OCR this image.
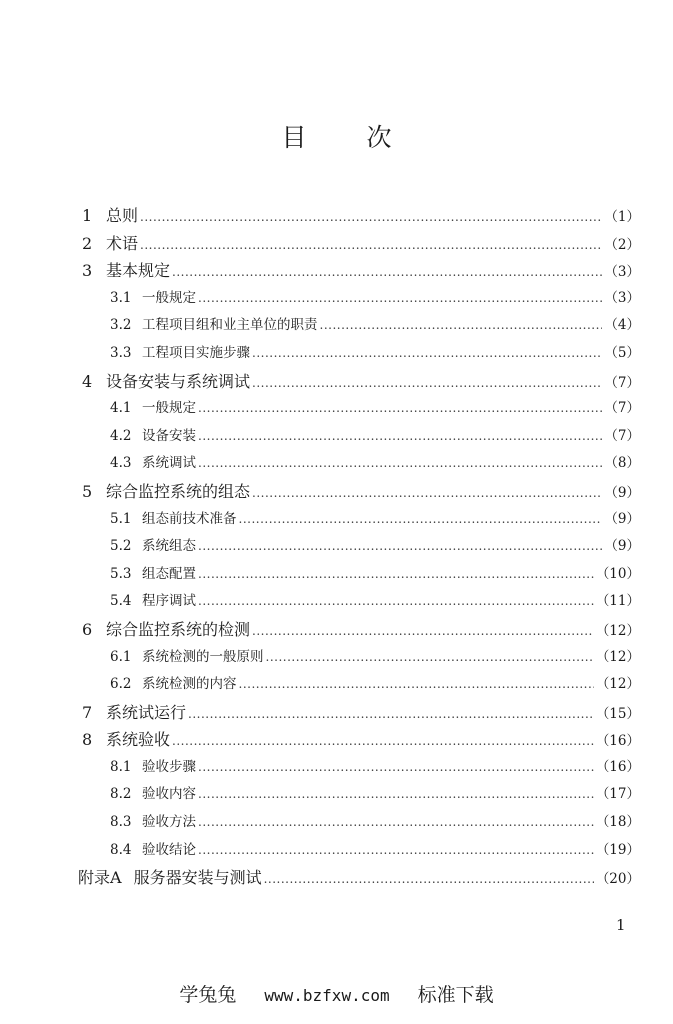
目 次
1 总则 .....	（1）
2 术语 .....	（2）
3 基本规定 .....	（3）
3.1 一般规定 .....	（3）
3.2 工程项目组和业主单位的职责 .....	（4）
3.3 工程项目实施步骤 .....	（5）
4 设备安装与系统调试 .....	（7）
4.1 一般规定 .....	（7）
4.2 设备安装 .....	（7）
4.3 系统调试 .....	（8）
5 综合监控系统的组态 .....	（9）
5.1 组态前技术准备 .....	（9）
5.2 系统组态 .....	（9）
5.3 组态配置 .....	（10）
5.4 程序调试 .....	（11）
6 综合监控系统的检测 .....	（12）
6.1 系统检测的一般原则 .....	（12）
6.2 系统检测的内容 .....	（12）
7 系统试运行 .....	（15）
8 系统验收 .....	（16）
8.1 验收步骤 .....	（16）
8.2 验收内容 .....	（17）
8.3 验收方法 .....	（18）
8.4 验收结论 .....	（19）
附录A 服务器安装与测试 .....	（20）
1
学兔兔 www.bzfxw.com 标准下载
